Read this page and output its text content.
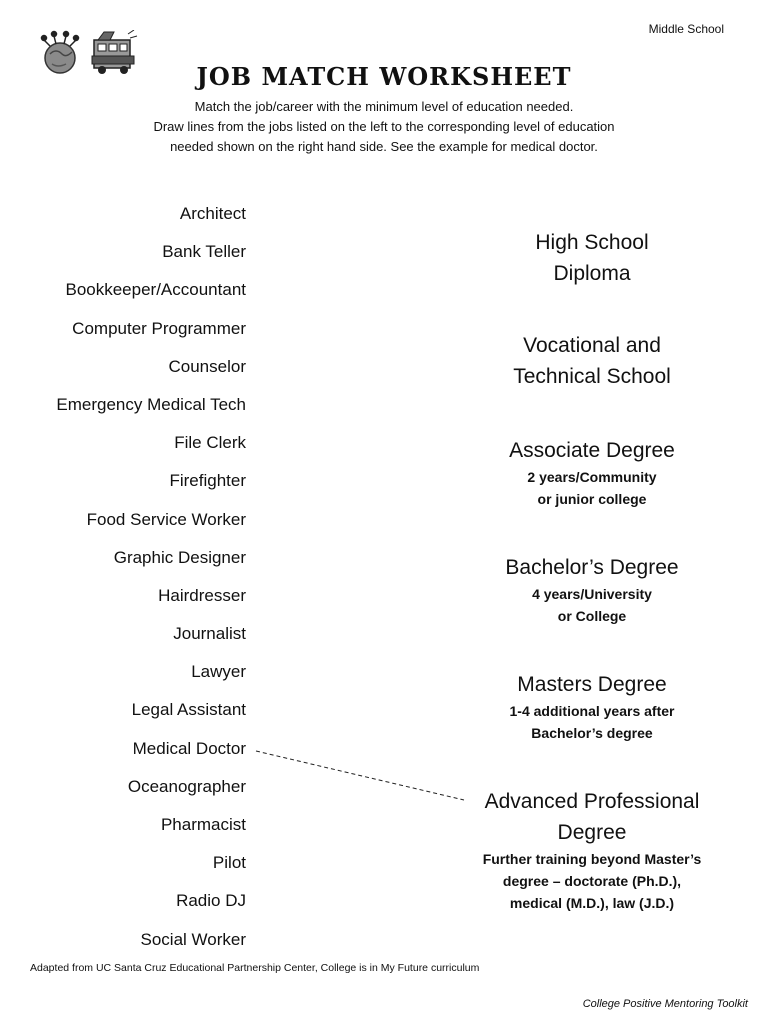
Middle School
JOB MATCH WORKSHEET
Match the job/career with the minimum level of education needed.
Draw lines from the jobs listed on the left to the corresponding level of education
needed shown on the right hand side. See the example for medical doctor.
Architect
Bank Teller
Bookkeeper/Accountant
Computer Programmer
Counselor
Emergency Medical Tech
File Clerk
Firefighter
Food Service Worker
Graphic Designer
Hairdresser
Journalist
Lawyer
Legal Assistant
Medical Doctor
Oceanographer
Pharmacist
Pilot
Radio DJ
Social Worker
High School
Diploma
Vocational and
Technical School
Associate Degree
2 years/Community
or junior college
Bachelor’s Degree
4 years/University
or College
Masters Degree
1-4 additional years after
Bachelor’s degree
Advanced Professional
Degree
Further training beyond Master’s
degree – doctorate (Ph.D.),
medical (M.D.), law (J.D.)
Adapted from UC Santa Cruz Educational Partnership Center, College is in My Future curriculum
College Positive Mentoring Toolkit
